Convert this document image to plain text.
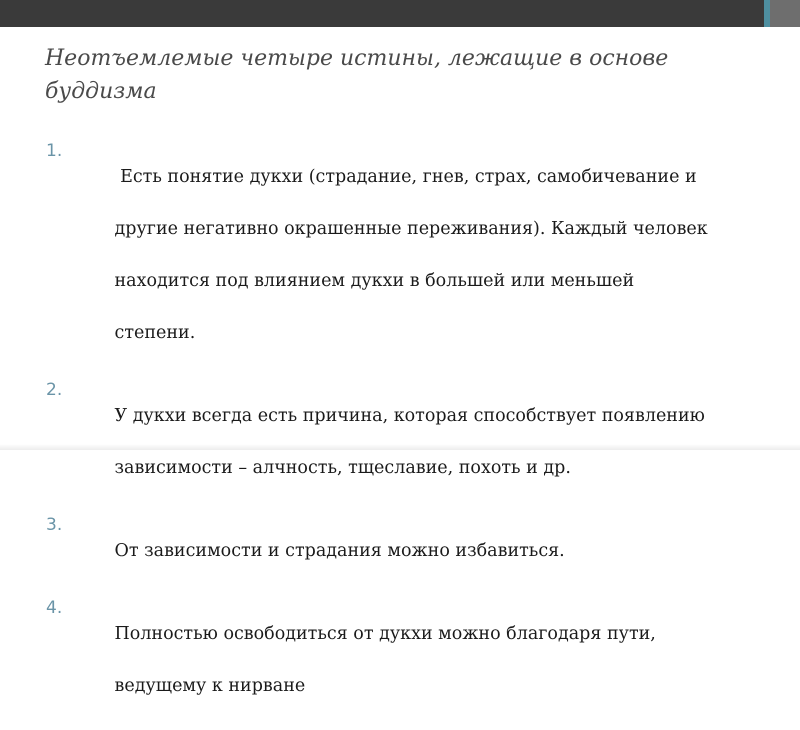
Неотъемлемые четыре истины, лежащие в основе буддизма
1.

Есть понятие дукхи (страдание, гнев, страх, самобичевание и

другие негативно окрашенные переживания). Каждый человек

находится под влиянием дукхи в большей или меньшей

степени.

2.

У дукхи всегда есть причина, которая способствует появлению

зависимости – алчность, тщеславие, похоть и др.

3.

От зависимости и страдания можно избавиться.

4.

Полностью освободиться от дукхи можно благодаря пути,

ведущему к нирване
